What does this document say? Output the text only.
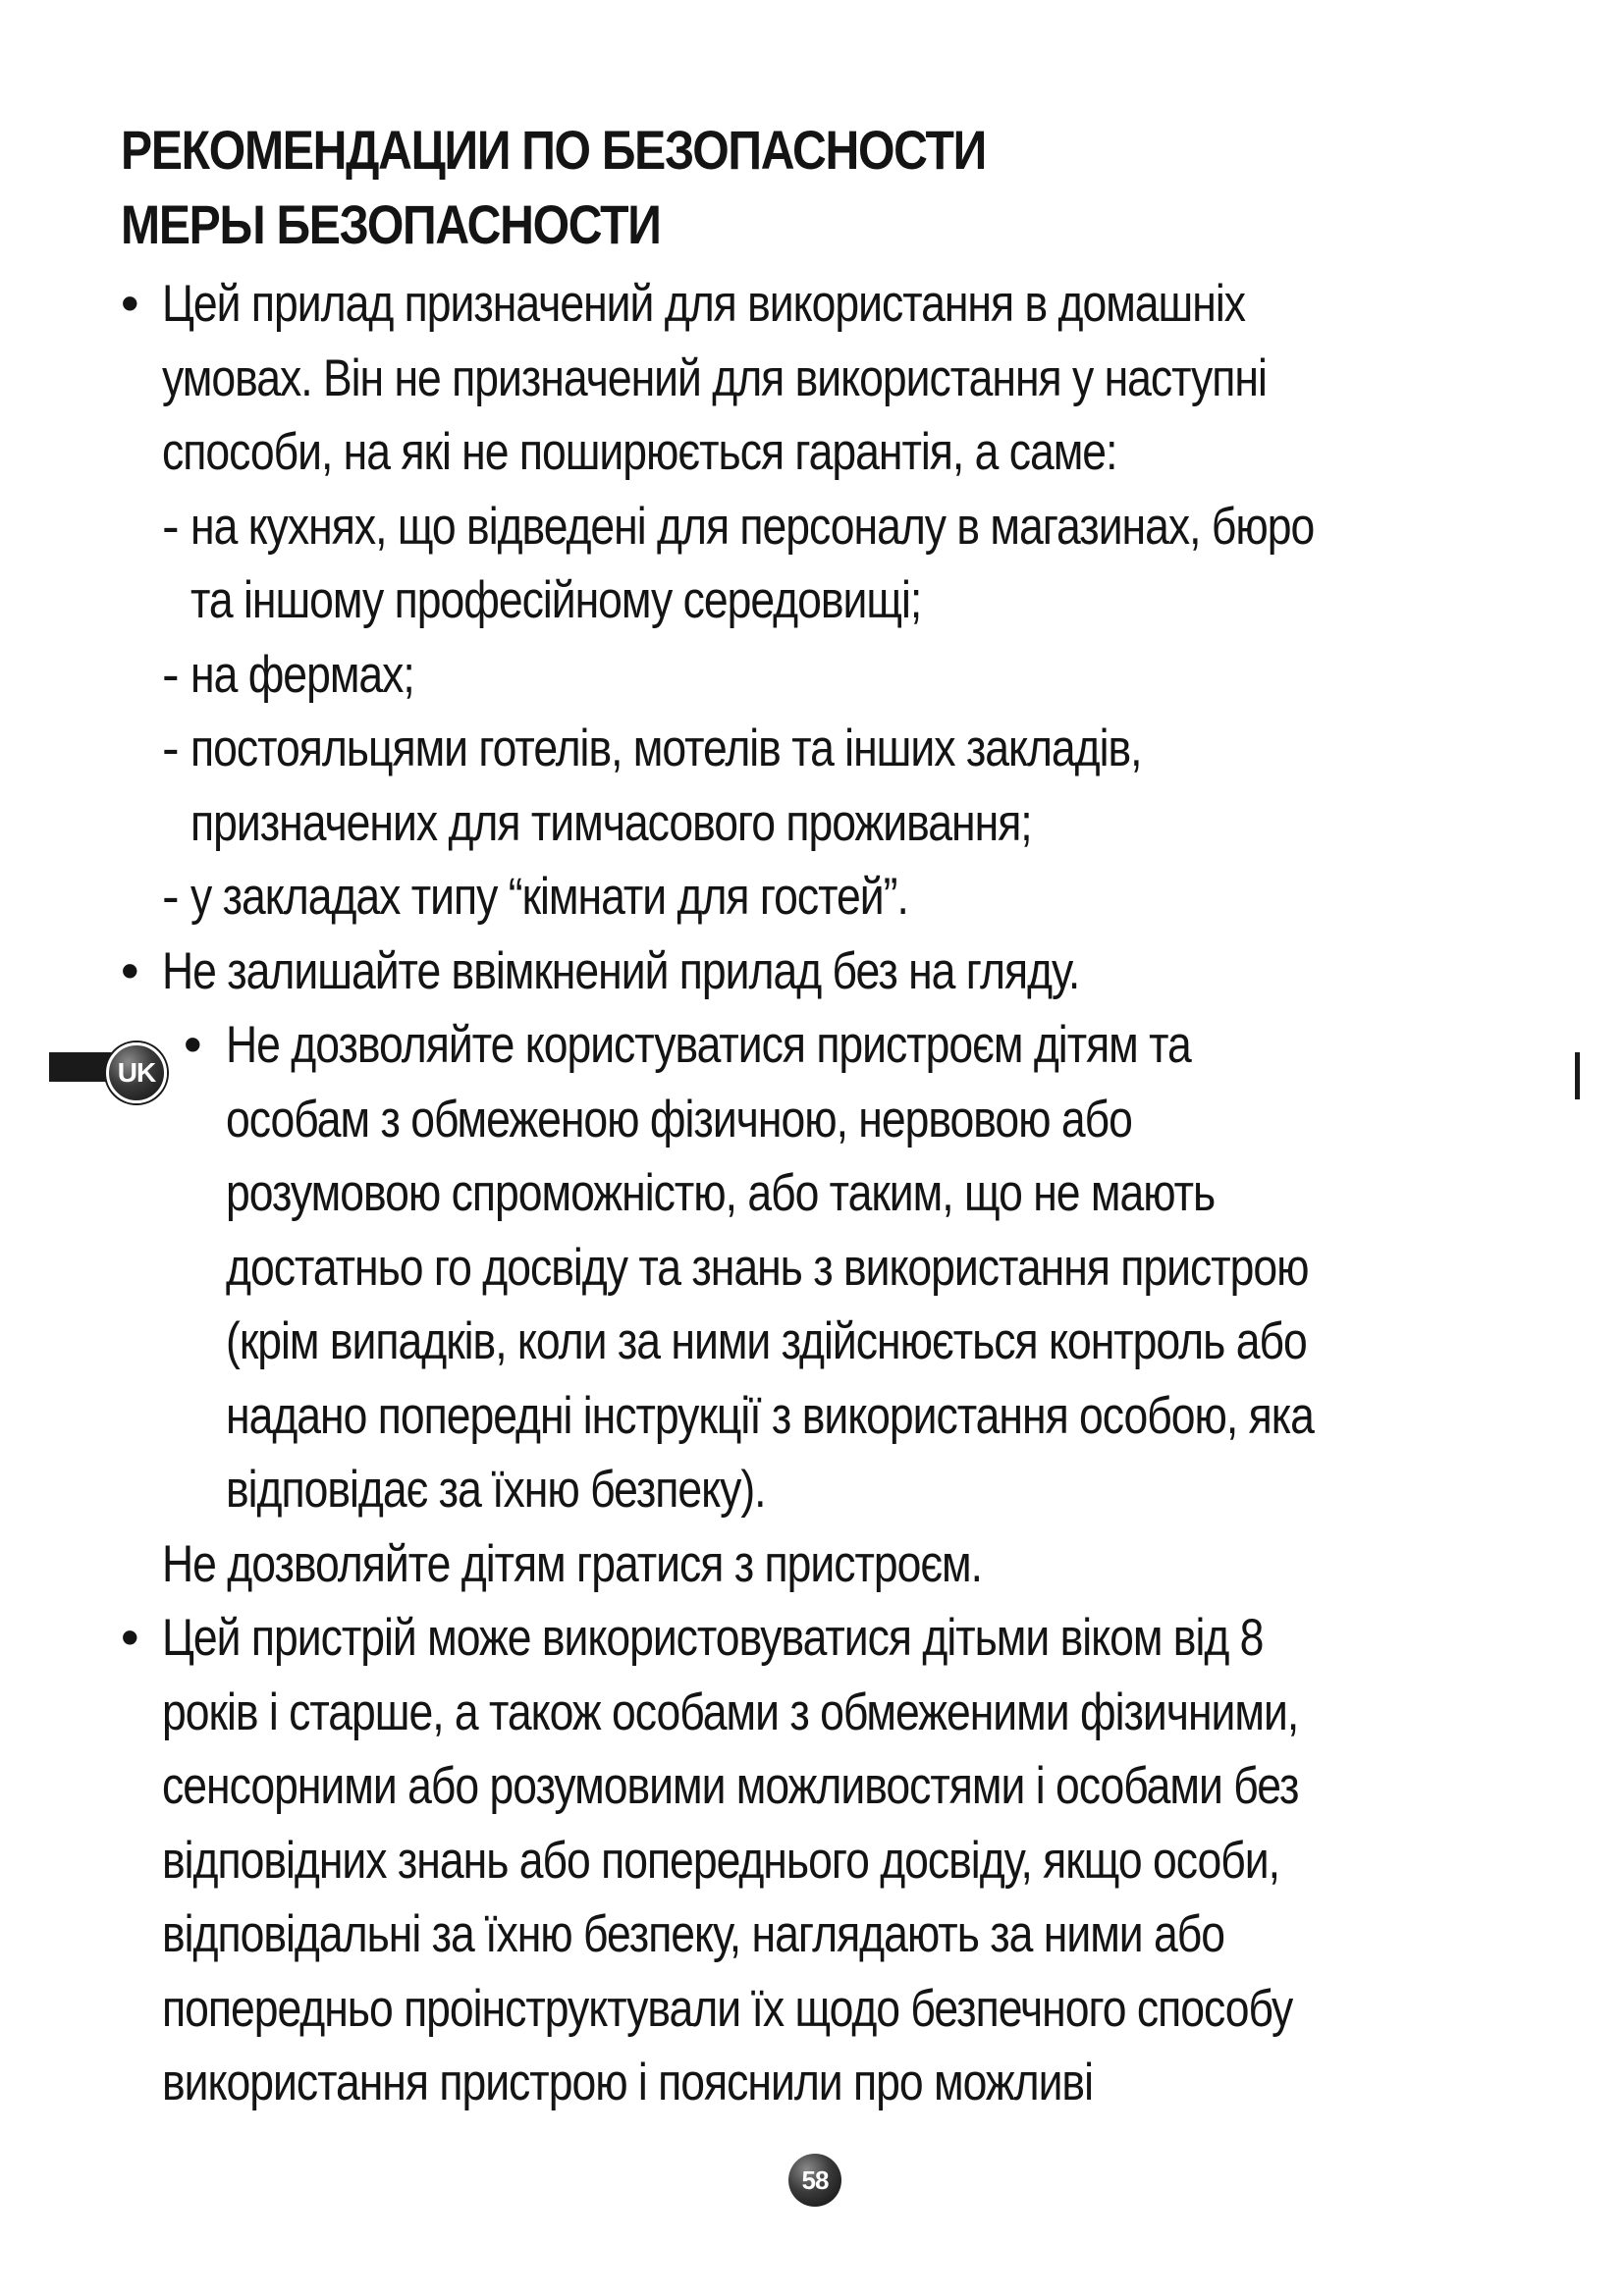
РЕКОМЕНДАЦИИ ПО БЕЗОПАСНОСТИ
МЕРЫ БЕЗОПАСНОСТИ
• Цей прилад призначений для використання в домашніх
умовах. Він не призначений для використання у наступні
способи, на які не поширюється гарантія, а саме:
- на кухнях, що відведені для персоналу в магазинах, бюро
та іншому професійному середовищі;
- на фермах;
- постояльцями готелів, мотелів та інших закладів,
призначених для тимчасового проживання;
- у закладах типу “кімнати для гостей”.
• Не залишайте ввімкнений прилад без на гляду.
• Не дозволяйте користуватися пристроєм дітям та
особам з обмеженою фізичною, нервовою або
розумовою спроможністю, або таким, що не мають
достатньо го досвіду та знань з використання пристрою
(крім випадків, коли за ними здійснюється контроль або
надано попередні інструкції з використання особою, яка
відповідає за їхню безпеку).
Не дозволяйте дітям гратися з пристроєм.
• Цей пристрій може використовуватися дітьми віком від 8
років і старше, а також особами з обмеженими фізичними,
сенсорними або розумовими можливостями і особами без
відповідних знань або попереднього досвіду, якщо особи,
відповідальні за їхню безпеку, наглядають за ними або
попередньо проінструктували їх щодо безпечного способу
використання пристрою і пояснили про можливі
UK
58
